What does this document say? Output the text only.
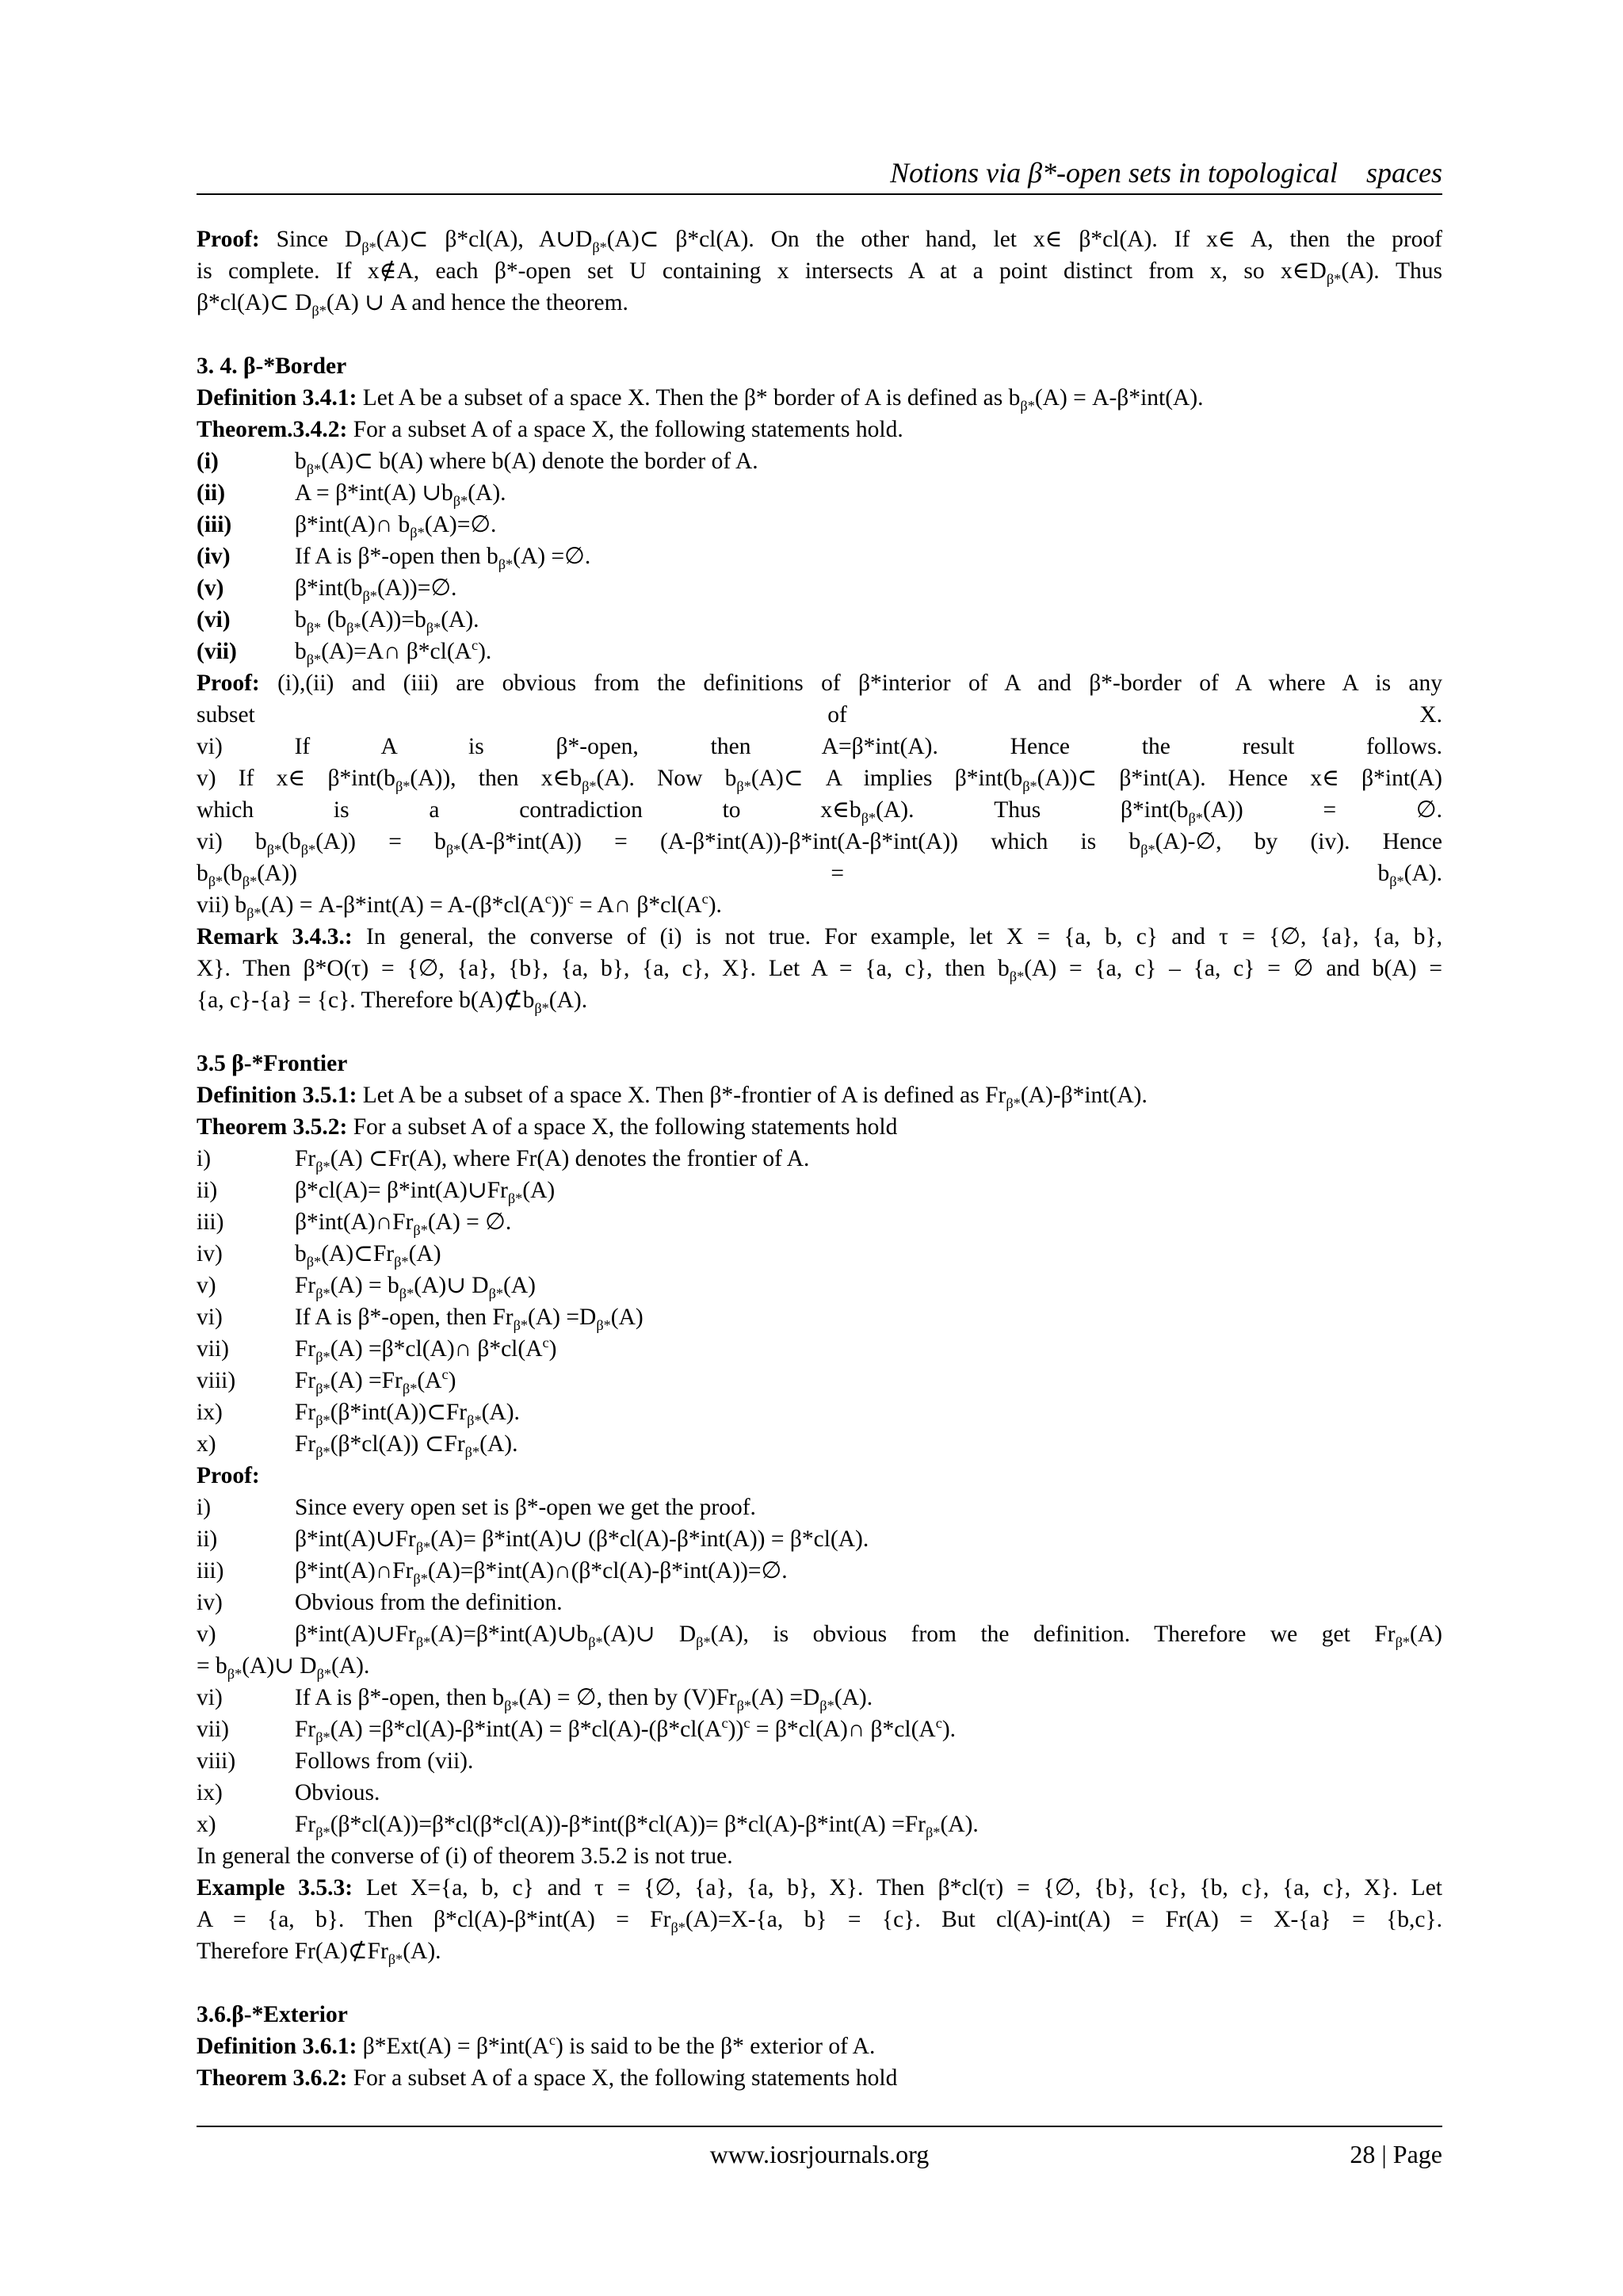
Notions via β*-open sets in topological    spaces
Proof: Since $D_{\beta*}(A)\subset$ β*cl(A), $A\cup D_{\beta*}(A)\subset$ β*cl(A). On the other hand, let x∈ β*cl(A). If x∈ A, then the proof
is complete. If x∉A, each β*-open set U containing x intersects A at a point distinct from x, so $x\in D_{\beta*}(A)$. Thus
β*cl(A)⊂ $D_{\beta*}(A)$ ∪ A and hence the theorem.
3. 4. β-*Border
Definition 3.4.1: Let A be a subset of a space X. Then the β* border of A is defined as $b_{\beta*}(A) = A-\beta*int(A)$.
Theorem.3.4.2: For a subset A of a space X, the following statements hold.
(i)	$b_{\beta*}(A)\subset$ b(A) where b(A) denote the border of A.
(ii)	A = β*int(A) $\cup b_{\beta*}(A)$.
(iii)	β*int(A)∩ $b_{\beta*}(A)=\emptyset$.
(iv)	If A is β*-open then $b_{\beta*}(A)$ =∅.
(v)	$\beta*int(b_{\beta*}(A))=\emptyset$.
(vi)	$b_{\beta*}$ $(b_{\beta*}(A))=b_{\beta*}(A)$.
(vii)	$b_{\beta*}(A)=A\cap$ $\beta*cl(A^c)$.
Proof: (i),(ii) and (iii) are obvious from the definitions of β*interior of A and β*-border of A where A is any
subset of X.
vi) If A is β*-open, then A=β*int(A). Hence the result follows.
v) If x∈ $\beta*int(b_{\beta*}(A))$, then $x\in b_{\beta*}(A)$. Now $b_{\beta*}(A)\subset$ A implies $\beta*int(b_{\beta*}(A))\subset$ β*int(A). Hence x∈ β*int(A)
which is a contradiction to $x\in b_{\beta*}(A)$. Thus $\beta*int(b_{\beta*}(A))$ = ∅.
vi) $b_{\beta*}(b_{\beta*}(A)) = b_{\beta*}(A-\beta*int(A)) = (A-\beta*int(A))-\beta*int(A-\beta*int(A))$ which is $b_{\beta*}(A)-\emptyset$, by (iv). Hence
$b_{\beta*}(b_{\beta*}(A)) = b_{\beta*}(A)$.
vii) $b_{\beta*}(A) = A-\beta*int(A) = A-(\beta*cl(A^c))^c$ = A∩ $\beta*cl(A^c)$.
Remark 3.4.3.: In general, the converse of (i) is not true. For example, let X = {a, b, c} and τ = {∅, {a}, {a, b},
X}. Then β*O(τ) = {∅, {a}, {b}, {a, b}, {a, c}, X}. Let A = {a, c}, then $b_{\beta*}(A) = \{a$, c} – {a, c} = ∅ and b(A) =
{a, c}-{a} = {c}. Therefore $b(A)⊄b_{\beta*}(A)$.
3.5 β-*Frontier
Definition 3.5.1: Let A be a subset of a space X. Then β*-frontier of A is defined as $Fr_{\beta*}(A)-\beta*int(A)$.
Theorem 3.5.2: For a subset A of a space X, the following statements hold
i)	$Fr_{\beta*}(A)$ ⊂Fr(A), where Fr(A) denotes the frontier of A.
ii)	$\beta*cl(A)= \beta*int(A)\cup Fr_{\beta*}(A)$
iii)	$\beta*int(A)\cap Fr_{\beta*}(A)$ = ∅.
iv)	$b_{\beta*}(A)\subset Fr_{\beta*}(A)$
v)	$Fr_{\beta*}(A)$ = $b_{\beta*}(A)\cup$ $D_{\beta*}(A)$
vi)	If A is β*-open, then $Fr_{\beta*}(A) =D_{\beta*}(A)$
vii)	$Fr_{\beta*}(A)$ =β*cl(A)∩ $\beta*cl(A^c)$
viii)	$Fr_{\beta*}(A) =Fr_{\beta*}(A^c)$
ix)	$Fr_{\beta*}(\beta*int(A))\subset Fr_{\beta*}(A)$.
x)	$Fr_{\beta*}(\beta*cl(A))$ $\subset Fr_{\beta*}(A)$.
Proof:
i)	Since every open set is β*-open we get the proof.
ii)	$\beta*int(A)\cup Fr_{\beta*}(A)=$ β*int(A)∪ (β*cl(A)-β*int(A)) = β*cl(A).
iii)	$\beta*int(A)\cap Fr_{\beta*}(A)=\beta*int(A)\cap(\beta*cl(A)-\beta*int(A))=\emptyset$.
iv)	Obvious from the definition.
v)	$\beta*int(A)\cup Fr_{\beta*}(A)=\beta*int(A)\cup b_{\beta*}(A)\cup$ $D_{\beta*}(A)$, is obvious from the definition. Therefore we get $Fr_{\beta*}(A)$
= $b_{\beta*}(A)\cup$ $D_{\beta*}(A)$.
vi)	If A is β*-open, then $b_{\beta*}(A)$ = ∅, then by $(V)Fr_{\beta*}(A) =D_{\beta*}(A)$.
vii)	$Fr_{\beta*}(A) =\beta*cl(A)-\beta*int(A) = \beta*cl(A)-(\beta*cl(A^c))^c$ = β*cl(A)∩ $\beta*cl(A^c)$.
viii)	Follows from (vii).
ix)	Obvious.
x)	$Fr_{\beta*}(\beta*cl(A))=\beta*cl(\beta*cl(A))-\beta*int(\beta*cl(A))= \beta*cl(A)-\beta*int(A) =Fr_{\beta*}(A)$.
In general the converse of (i) of theorem 3.5.2 is not true.
Example 3.5.3: Let X={a, b, c} and τ = {∅, {a}, {a, b}, X}. Then β*cl(τ) = {∅, {b}, {c}, {b, c}, {a, c}, X}. Let
A = {a, b}. Then $\beta*cl(A)-\beta*int(A) = Fr_{\beta*}(A)=X-\{a$, b} = {c}. But cl(A)-int(A) = Fr(A) = X-{a} = {b,c}.
Therefore $Fr(A)⊄Fr_{\beta*}(A)$.
3.6.β-*Exterior
Definition 3.6.1: $\beta*Ext(A) = \beta*int(A^c)$ is said to be the β* exterior of A.
Theorem 3.6.2: For a subset A of a space X, the following statements hold
www.iosrjournals.org	28 | Page
